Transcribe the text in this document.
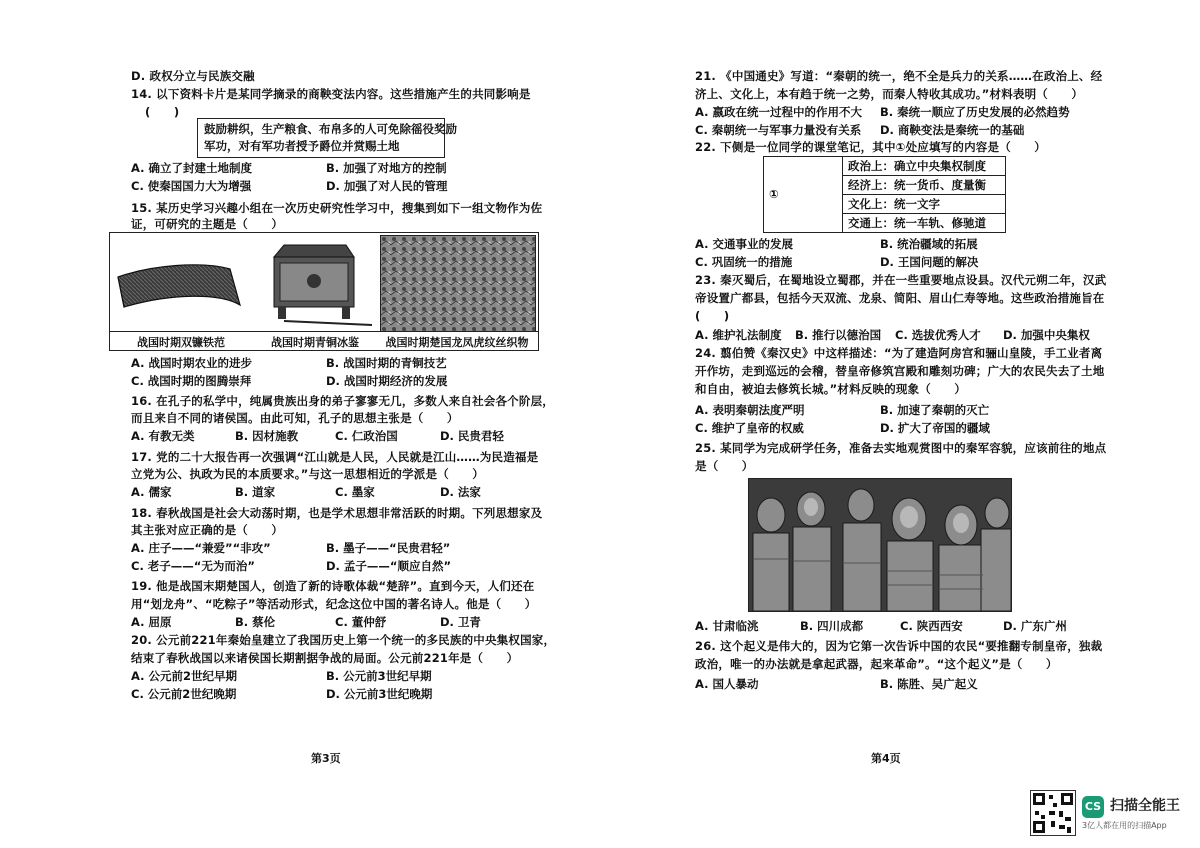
D. 政权分立与民族交融
14. 以下资料卡片是某同学摘录的商鞅变法内容。这些措施产生的共同影响是
(　　)
15. 某历史学习兴趣小组在一次历史研究性学习中，搜集到如下一组文物作为佐
证，可研究的主题是（　　）
16. 在孔子的私学中，纯属贵族出身的弟子寥寥无几，多数人来自社会各个阶层，
而且来自不同的诸侯国。由此可知，孔子的思想主张是（　　）
17. 党的二十大报告再一次强调“江山就是人民，人民就是江山……为民造福是
立党为公、执政为民的本质要求。”与这一思想相近的学派是（　　）
18. 春秋战国是社会大动荡时期，也是学术思想非常活跃的时期。下列思想家及
其主张对应正确的是（　　）
19. 他是战国末期楚国人，创造了新的诗歌体裁“楚辞”。直到今天，人们还在
用“划龙舟”、“吃粽子”等活动形式，纪念这位中国的著名诗人。他是（　　）
20. 公元前221年秦始皇建立了我国历史上第一个统一的多民族的中央集权国家，
结束了春秋战国以来诸侯国长期割据争战的局面。公元前221年是（　　）
A. 确立了封建土地制度	B. 加强了对地方的控制
C. 使秦国国力大为增强	D. 加强了对人民的管理
A. 战国时期农业的进步	B. 战国时期的青铜技艺
C. 战国时期的图腾崇拜	D. 战国时期经济的发展
A. 有教无类	B. 因材施教	C. 仁政治国	D. 民贵君轻
A. 儒家	B. 道家	C. 墨家	D. 法家
A. 庄子——“兼爱”“非攻”	B. 墨子——“民贵君轻”
C. 老子——“无为而治”	D. 孟子——“顺应自然”
A. 屈原	B. 蔡伦	C. 董仲舒	D. 卫青
A. 公元前2世纪早期	B. 公元前3世纪早期
C. 公元前2世纪晚期	D. 公元前3世纪晚期
鼓励耕织，生产粮食、布帛多的人可免除徭役奖励
军功，对有军功者授予爵位并赏赐土地
战国时期双镰铁范	战国时期青铜冰鉴	战国时期楚国龙凤虎纹丝织物
第3页
21. 《中国通史》写道：“秦朝的统一，绝不全是兵力的关系……在政治上、经
济上、文化上，本有趋于统一之势，而秦人特收其成功。”材料表明（　　）
22. 下侧是一位同学的课堂笔记，其中①处应填写的内容是（　　）
23. 秦灭蜀后，在蜀地设立蜀郡，并在一些重要地点设县。汉代元朔二年，汉武
帝设置广都县，包括今天双流、龙泉、简阳、眉山仁寿等地。这些政治措施旨在
(　　)
24. 翦伯赞《秦汉史》中这样描述：“为了建造阿房宫和骊山皇陵，手工业者离
开作坊，走到巡远的会稽，替皇帝修筑宫殿和雕刻功碑；广大的农民失去了土地
和自由，被迫去修筑长城。”材料反映的现象（　　）
25. 某同学为完成研学任务，准备去实地观赏图中的秦军容貌，应该前往的地点
是（　　）
26. 这个起义是伟大的，因为它第一次告诉中国的农民“要推翻专制皇帝，独裁
政治，唯一的办法就是拿起武器，起来革命”。“这个起义”是（　　）
A. 嬴政在统一过程中的作用不大 B. 秦统一顺应了历史发展的必然趋势
C. 秦朝统一与军事力量没有关系 D. 商鞅变法是秦统一的基础
A. 交通事业的发展	B. 统治疆域的拓展
C. 巩固统一的措施	D. 王国问题的解决
A. 维护礼法制度 B. 推行以德治国 C. 选拔优秀人才 D. 加强中央集权
A. 表明秦朝法度严明	B. 加速了秦朝的灭亡
C. 维护了皇帝的权威	D. 扩大了帝国的疆域
A. 甘肃临洮	B. 四川成都	C. 陕西西安	D. 广东广州
A. 国人暴动	B. 陈胜、吴广起义
①
政治上：确立中央集权制度
经济上：统一货币、度量衡
文化上：统一文字
交通上：统一车轨、修驰道
第4页
CS 扫描全能王
3亿人都在用的扫描App
